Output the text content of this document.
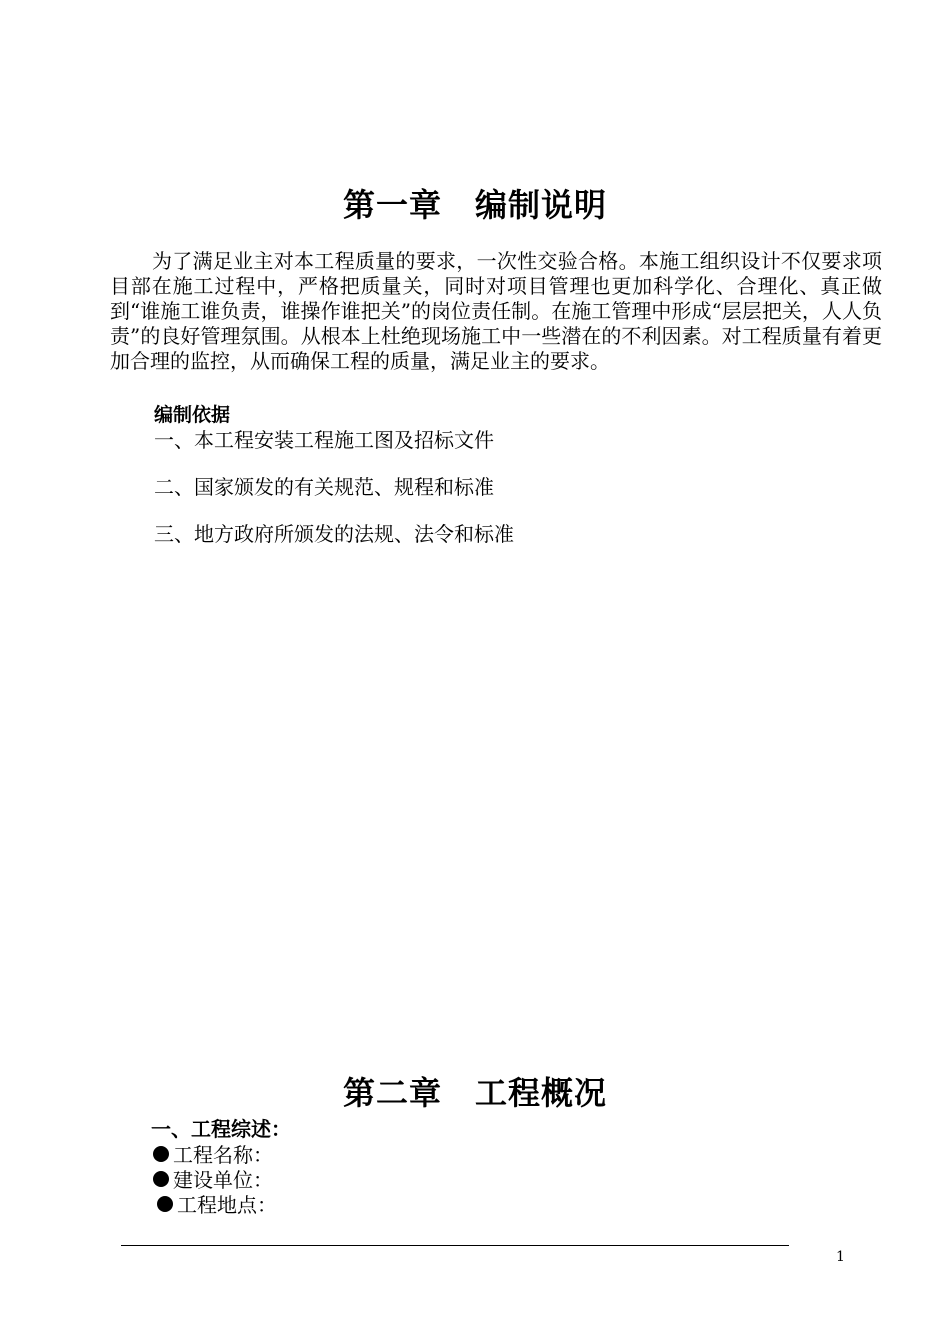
第一章　编制说明

为了满足业主对本工程质量的要求，一次性交验合格。本施工组织设计不仅要求项目部在施工过程中，严格把质量关，同时对项目管理也更加科学化、合理化、真正做到“谁施工谁负责，谁操作谁把关”的岗位责任制。在施工管理中形成“层层把关，人人负责”的良好管理氛围。从根本上杜绝现场施工中一些潜在的不利因素。对工程质量有着更加合理的监控，从而确保工程的质量，满足业主的要求。

编制依据
一、本工程安装工程施工图及招标文件
二、国家颁发的有关规范、规程和标准
三、地方政府所颁发的法规、法令和标准
第二章　工程概况
一、工程综述：
工程名称：
建设单位：
工程地点：
1
